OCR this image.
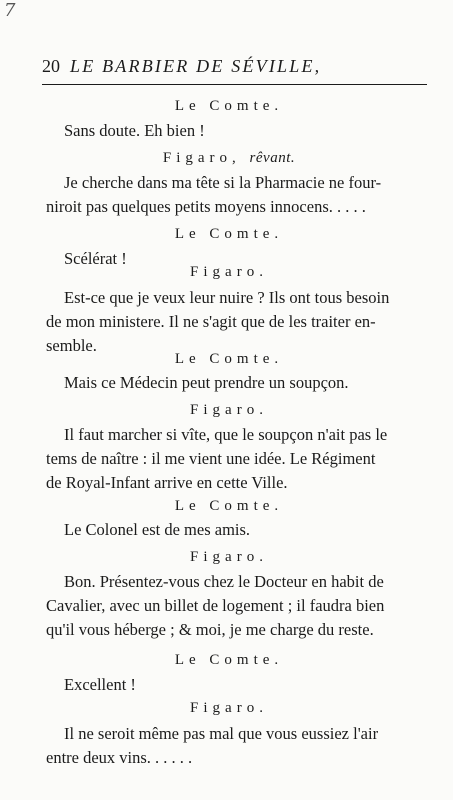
7
20 LE BARBIER DE SÉVILLE,
Le Comte.
Sans doute. Eh bien !
Figaro, rêvant.
Je cherche dans ma tête si la Pharmacie ne four-
niroit pas quelques petits moyens innocens. . . . .
Le Comte.
Scélérat !
Figaro.
Est-ce que je veux leur nuire ? Ils ont tous besoin
de mon ministere. Il ne s'agit que de les traiter en-
semble.
Le Comte.
Mais ce Médecin peut prendre un soupçon.
Figaro.
Il faut marcher si vîte, que le soupçon n'ait pas le
tems de naître : il me vient une idée. Le Régiment
de Royal-Infant arrive en cette Ville.
Le Comte.
Le Colonel est de mes amis.
Figaro.
Bon. Présentez-vous chez le Docteur en habit de
Cavalier, avec un billet de logement ; il faudra bien
qu'il vous héberge ; & moi, je me charge du reste.
Le Comte.
Excellent !
Figaro.
Il ne seroit même pas mal que vous eussiez l'air
entre deux vins. . . . . .
